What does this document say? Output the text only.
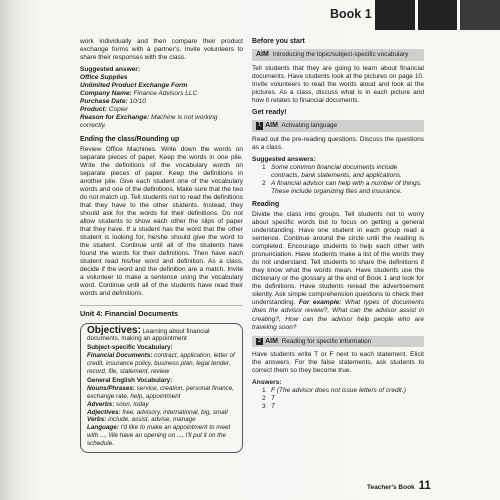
Book 1

work individually and then compare their product exchange forms with a partner's. Invite volunteers to share their responses with the class.

Suggested answer:
Office Supplies
Unlimited Product Exchange Form
Company Name: Finance Advisors LLC
Purchase Date: 10/10
Product: Copier
Reason for Exchange: Machine is not working correctly.
Ending the class/Rounding up

Review Office Machines. Write down the words on separate pieces of paper. Keep the words in one pile. Write the definitions of the vocabulary words on separate pieces of paper. Keep the definitions in another pile. Give each student one of the vocabulary words and one of the definitions. Make sure that the two do not match up. Tell students not to read the definitions that they have to the other students. Instead, they should ask for the words for their definitions. Do not allow students to show each other the slips of paper that they have. If a student has the word that the other student is looking for, he/she should give the word to the student. Continue until all of the students have found the words for their definitions. Then have each student read his/her word and definition. As a class, decide if the word and the definition are a match. Invite a volunteer to make a sentence using the vocabulary word. Continue until all of the students have read their words and definitions.

Unit 4: Financial Documents
Objectives: Learning about financial documents, making an appointment
Subject-specific Vocabulary:
Financial Documents: contract, application, letter of credit, insurance policy, business plan, legal tender, record, file, statement, review
General English Vocabulary:
Nouns/Phrases: service, creation, personal finance, exchange rate, help, appointment
Adverbs: soon, today
Adjectives: free, advisory, international, big, small
Verbs: include, assist, advise, manage
Language: I'd like to make an appointment to meet with ..., We have an opening on ..., I'll put it on the schedule.
Before you start
AIM Introducing the topic/subject-specific vocabulary

Tell students that they are going to learn about financial documents. Have students look at the pictures on page 10. Invite volunteers to read the words aloud and look at the pictures. As a class, discuss what is in each picture and how it relates to financial documents.

Get ready!
1 AIM Activating language

Read out the pre-reading questions. Discuss the questions as a class.

Suggested answers:
1 Some common financial documents include contracts, bank statements, and applications.
2 A financial advisor can help with a number of things. These include organizing files and insurance.
Reading

Divide the class into groups. Tell students not to worry about specific words but to focus on getting a general understanding. Have one student in each group read a sentence. Continue around the circle until the reading is completed. Encourage students to help each other with pronunciation. Have students make a list of the words they do not understand. Tell students to share the definitions if they know what the words mean. Have students use the dictionary or the glossary at the end of Book 1 and look for the definitions. Have students reread the advertisement silently. Ask simple comprehension questions to check their understanding. For example: What types of documents does the advisor review?, What can the advisor assist in creating?, How can the advisor help people who are traveling soon?

2 AIM Reading for specific information

Have students write T or F next to each statement. Elicit the answers. For the false statements, ask students to correct them so they become true.

Answers:
1 F (The advisor does not issue letters of credit.)
2 T
3 T
Teacher's Book 11
